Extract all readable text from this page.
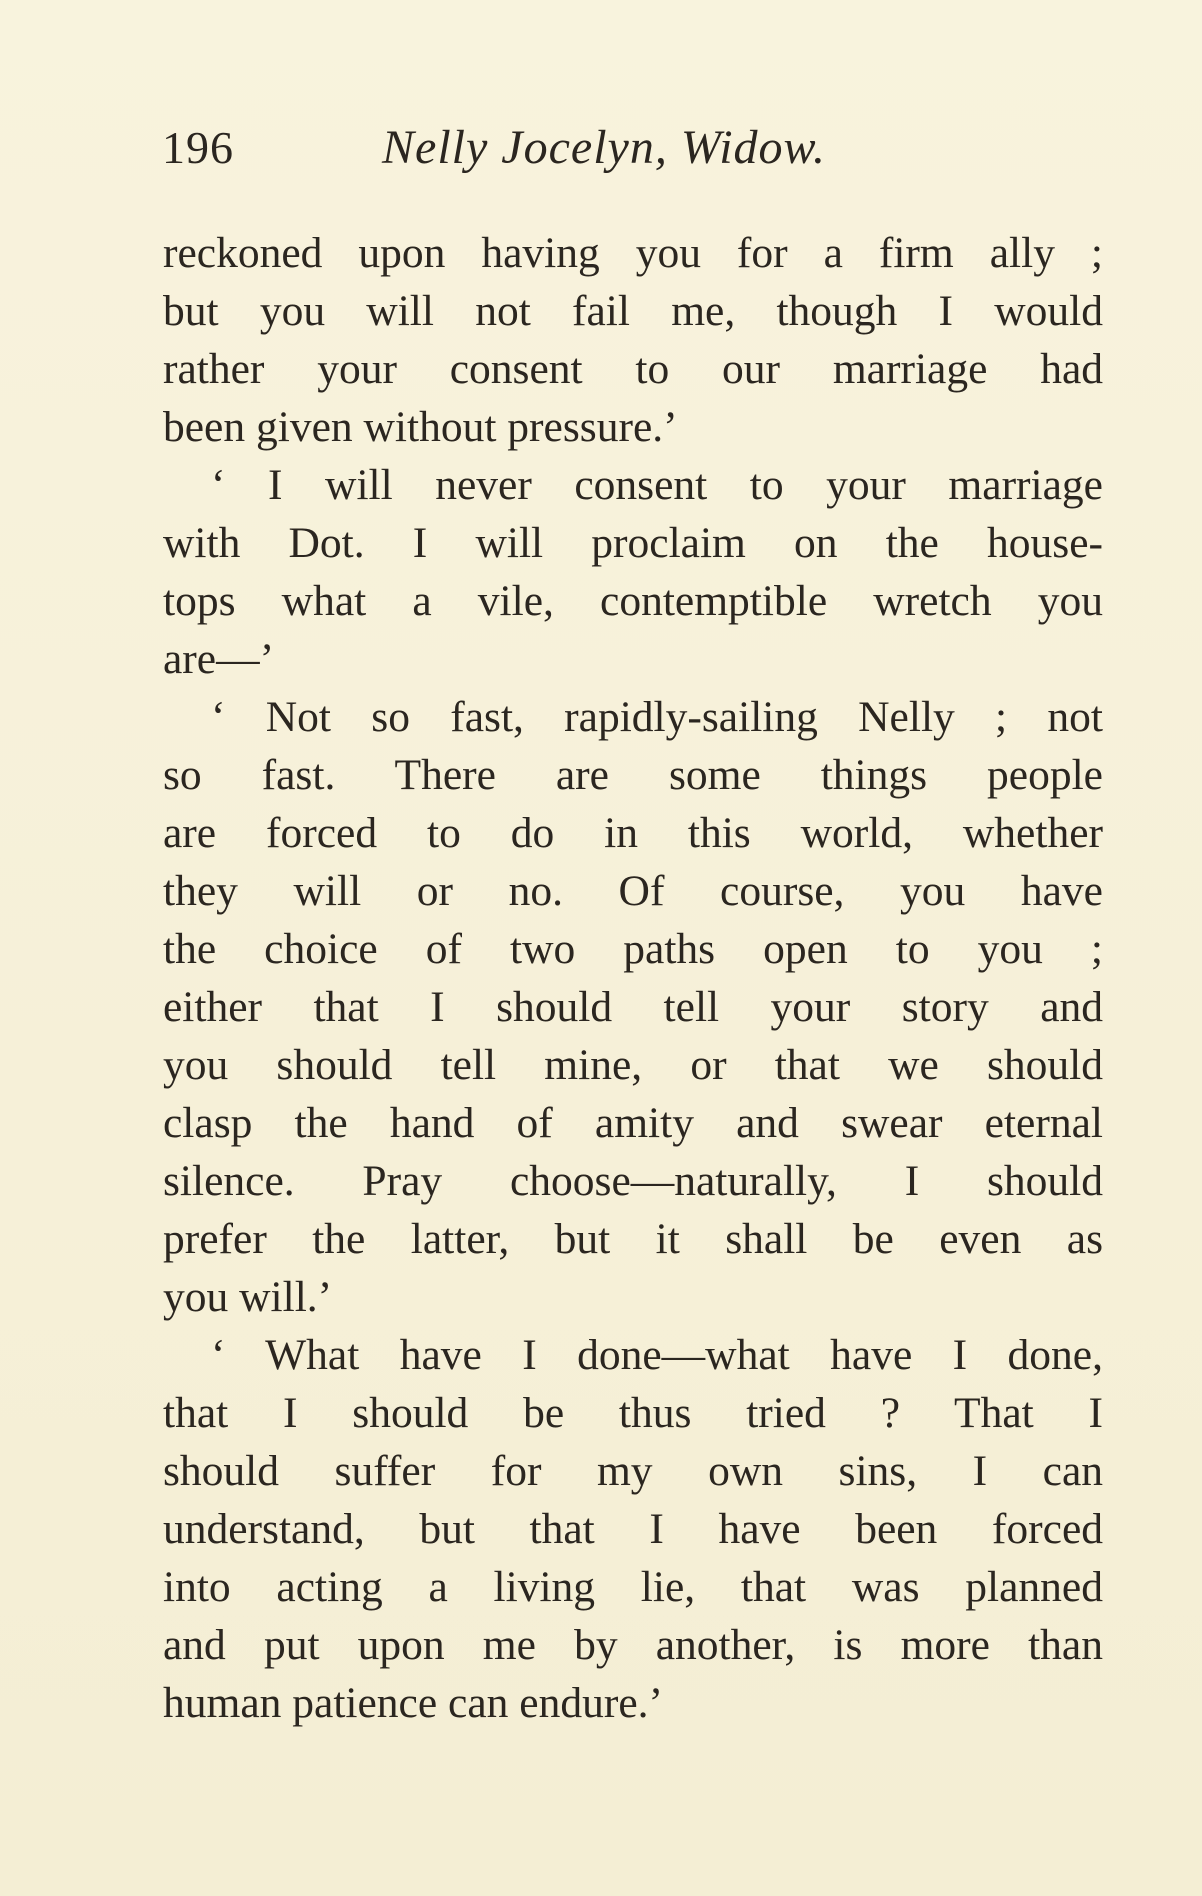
196	Nelly Jocelyn, Widow.
reckoned upon having you for a firm ally ;
but you will not fail me, though I would
rather your consent to our marriage had
been given without pressure.’
‘ I will never consent to your marriage
with Dot. I will proclaim on the house-
tops what a vile, contemptible wretch you
are—’
‘ Not so fast, rapidly-sailing Nelly ; not
so fast. There are some things people
are forced to do in this world, whether
they will or no. Of course, you have
the choice of two paths open to you ;
either that I should tell your story and
you should tell mine, or that we should
clasp the hand of amity and swear eternal
silence. Pray choose—naturally, I should
prefer the latter, but it shall be even as
you will.’
‘ What have I done—what have I done,
that I should be thus tried ? That I
should suffer for my own sins, I can
understand, but that I have been forced
into acting a living lie, that was planned
and put upon me by another, is more than
human patience can endure.’
